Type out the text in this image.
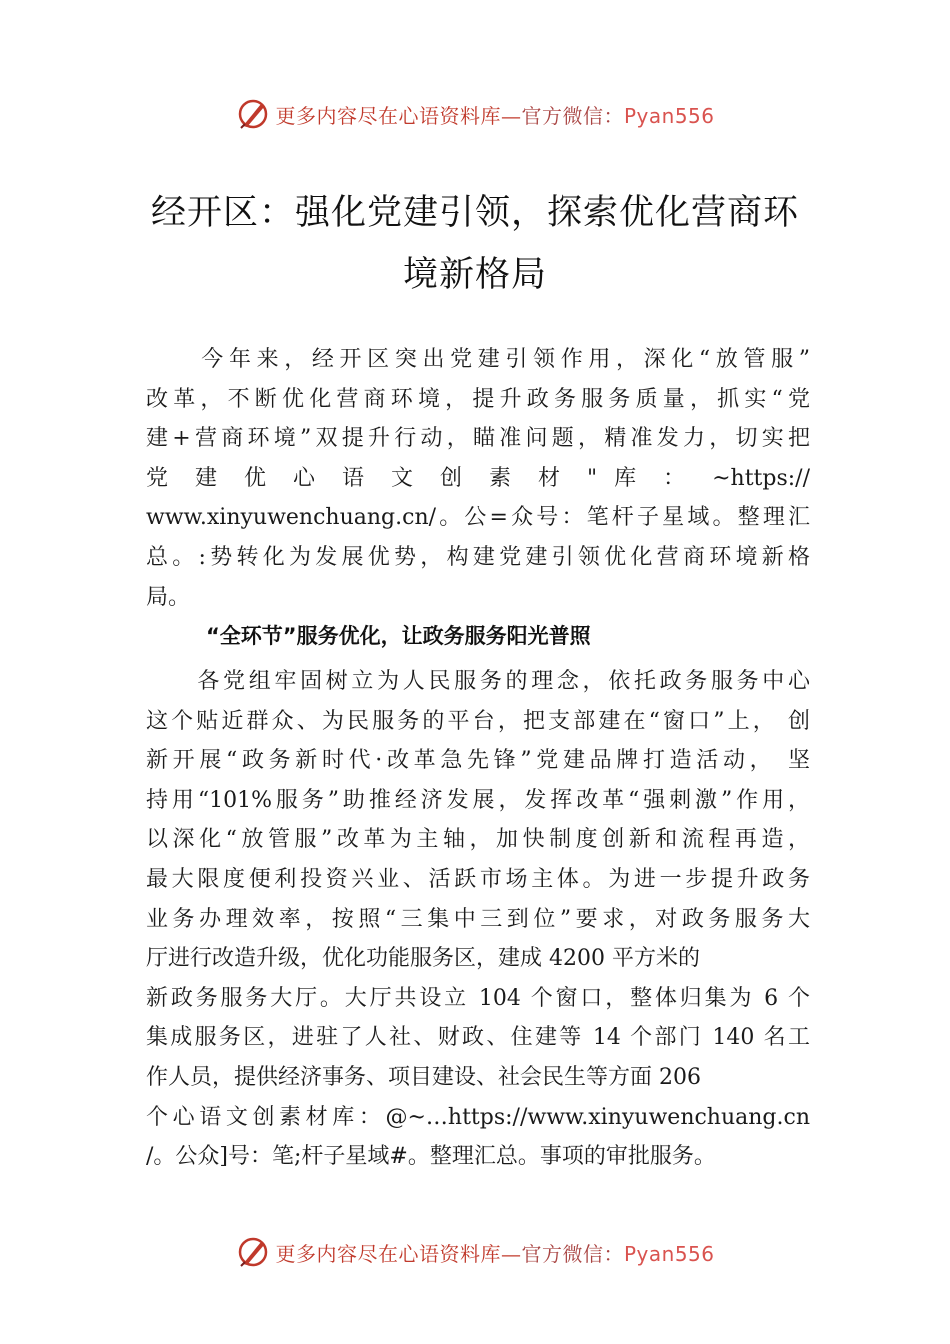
更多内容尽在心语资料库—官方微信：Pyan556
经开区：强化党建引领，探索优化营商环
境新格局
　　今年来，经开区突出党建引领作用，深化“放管服”
改革，不断优化营商环境，提升政务服务质量，抓实“党
建+营商环境”双提升行动，瞄准问题，精准发力，切实把
党 建 优 心 语 文 创 素 材 " 库 ： ~https://
www.xinyuwenchuang.cn/。公=众号：笔杆子星域。整理汇
总。:势转化为发展优势，构建党建引领优化营商环境新格
局。
“全环节”服务优化，让政务服务阳光普照
　　各党组牢固树立为人民服务的理念，依托政务服务中心
这个贴近群众、为民服务的平台，把支部建在“窗口”上， 创
新开展“政务新时代·改革急先锋”党建品牌打造活动， 坚
持用“101%服务”助推经济发展，发挥改革“强刺激”作用，
以深化“放管服”改革为主轴，加快制度创新和流程再造，
最大限度便利投资兴业、活跃市场主体。为进一步提升政务
业务办理效率，按照“三集中三到位”要求，对政务服务大
厅进行改造升级，优化功能服务区，建成 4200 平方米的
新政务服务大厅。大厅共设立 104 个窗口，整体归集为 6 个
集成服务区，进驻了人社、财政、住建等 14 个部门 140 名工
作人员，提供经济事务、项目建设、社会民生等方面 206
个心语文创素材库：@~…https://www.xinyuwenchuang.cn
/。公众]号：笔;杆子星域#。整理汇总。事项的审批服务。
更多内容尽在心语资料库—官方微信：Pyan556
